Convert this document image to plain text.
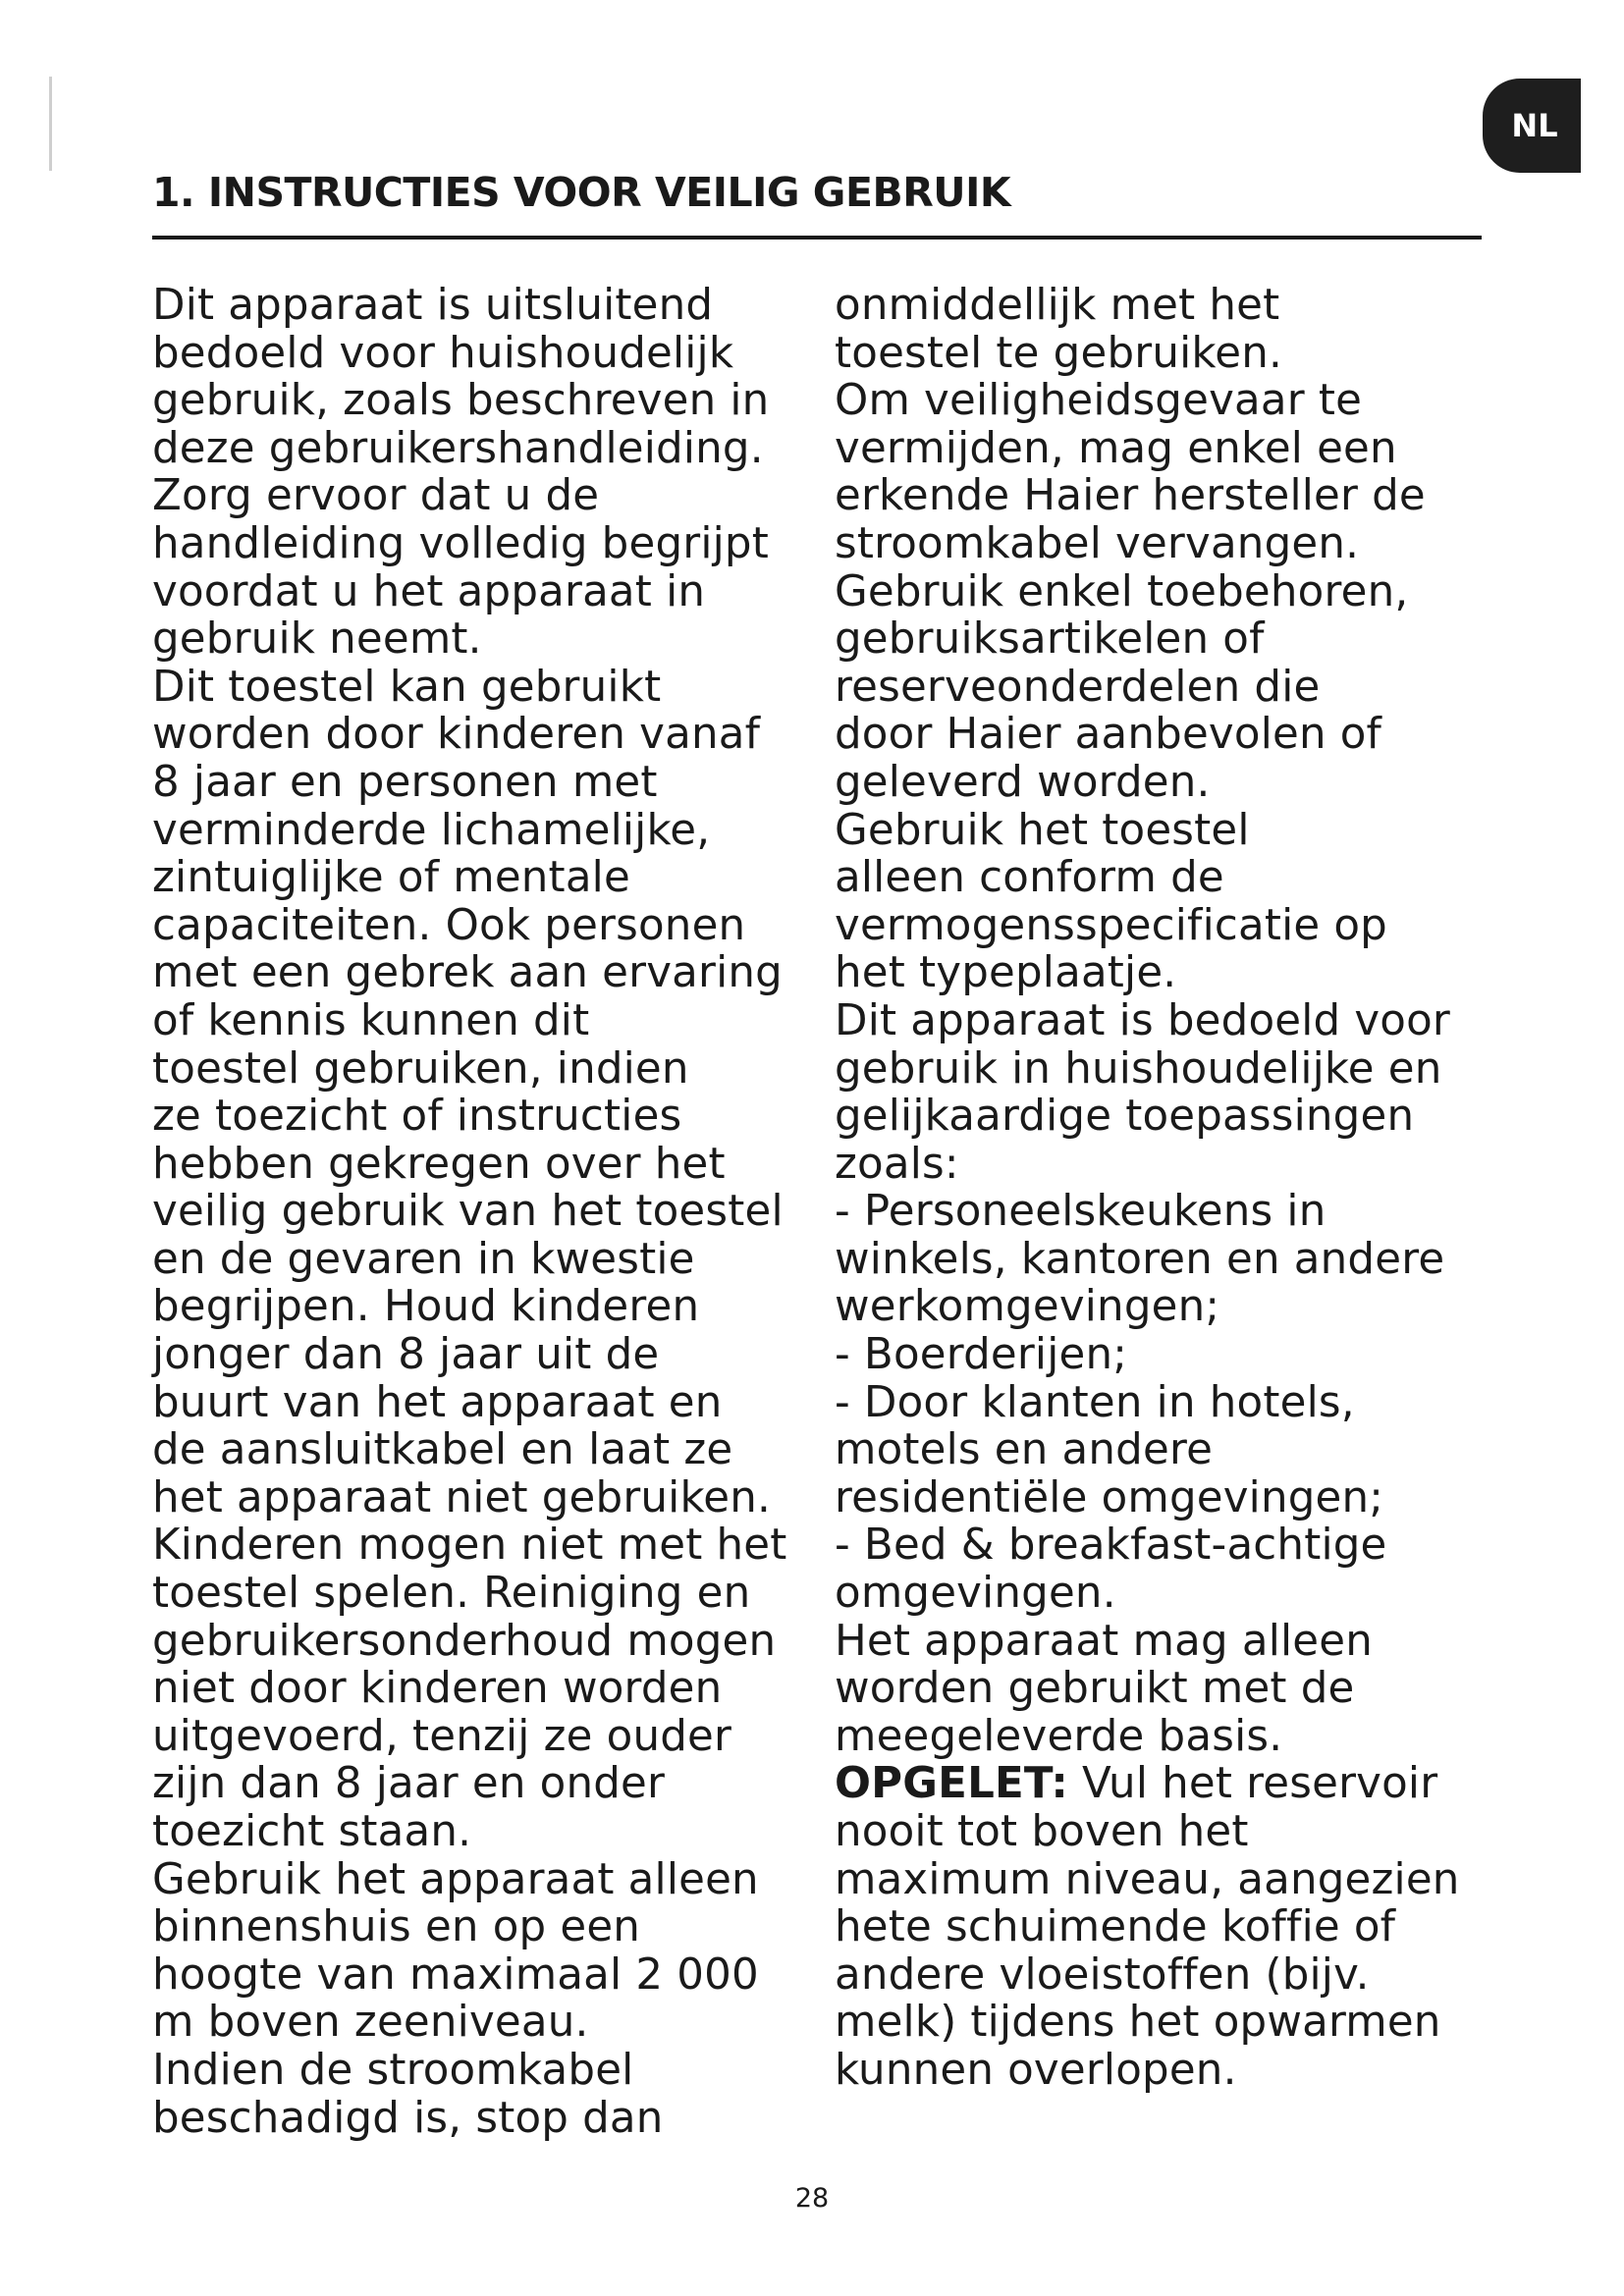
NL
1. INSTRUCTIES VOOR VEILIG GEBRUIK
Dit apparaat is uitsluitend
bedoeld voor huishoudelijk
gebruik, zoals beschreven in
deze gebruikershandleiding.
Zorg ervoor dat u de
handleiding volledig begrijpt
voordat u het apparaat in
gebruik neemt.
Dit toestel kan gebruikt
worden door kinderen vanaf
8 jaar en personen met
verminderde lichamelijke,
zintuiglijke of mentale
capaciteiten. Ook personen
met een gebrek aan ervaring
of kennis kunnen dit
toestel gebruiken, indien
ze toezicht of instructies
hebben gekregen over het
veilig gebruik van het toestel
en de gevaren in kwestie
begrijpen. Houd kinderen
jonger dan 8 jaar uit de
buurt van het apparaat en
de aansluitkabel en laat ze
het apparaat niet gebruiken.
Kinderen mogen niet met het
toestel spelen. Reiniging en
gebruikersonderhoud mogen
niet door kinderen worden
uitgevoerd, tenzij ze ouder
zijn dan 8 jaar en onder
toezicht staan.
Gebruik het apparaat alleen
binnenshuis en op een
hoogte van maximaal 2 000
m boven zeeniveau.
Indien de stroomkabel
beschadigd is, stop dan
onmiddellijk met het
toestel te gebruiken.
Om veiligheidsgevaar te
vermijden, mag enkel een
erkende Haier hersteller de
stroomkabel vervangen.
Gebruik enkel toebehoren,
gebruiksartikelen of
reserveonderdelen die
door Haier aanbevolen of
geleverd worden.
Gebruik het toestel
alleen conform de
vermogensspecificatie op
het typeplaatje.
Dit apparaat is bedoeld voor
gebruik in huishoudelijke en
gelijkaardige toepassingen
zoals:
- Personeelskeukens in
winkels, kantoren en andere
werkomgevingen;
- Boerderijen;
- Door klanten in hotels,
motels en andere
residentiële omgevingen;
- Bed & breakfast-achtige
omgevingen.
Het apparaat mag alleen
worden gebruikt met de
meegeleverde basis.
OPGELET: Vul het reservoir
nooit tot boven het
maximum niveau, aangezien
hete schuimende koffie of
andere vloeistoffen (bijv.
melk) tijdens het opwarmen
kunnen overlopen.
28
